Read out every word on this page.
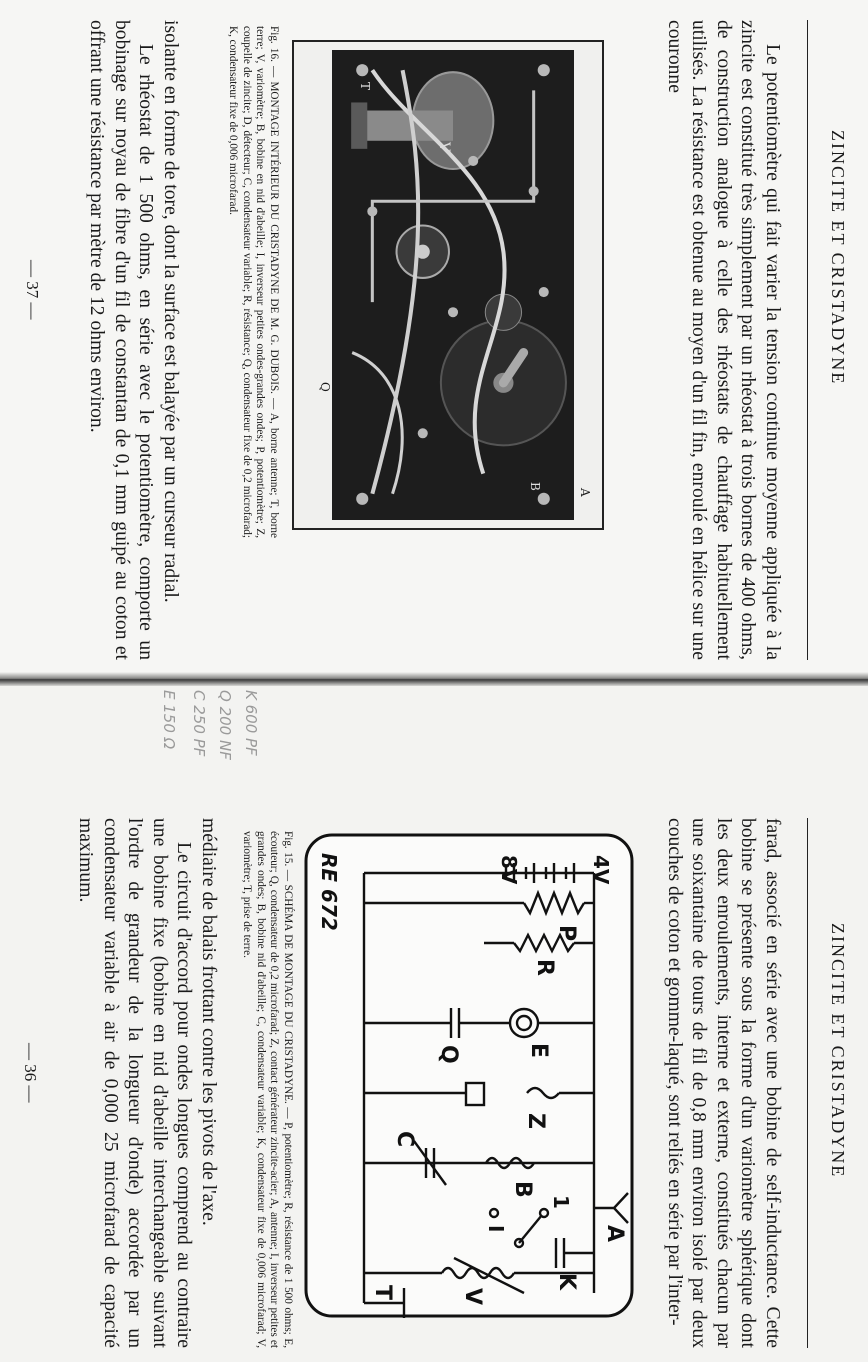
ZINCITE ET CRISTADYNE

Le potentiomètre qui fait varier la tension continue moyenne appliquée à la zincite est constitué très simplement par un rhéostat à trois bornes de 400 ohms, de construction analogue à celle des rhéostats de chauffage habituellement utilisés. La résistance est obtenue au moyen d'un fil fin, enroulé en hélice sur une couronne

A
B
V
T
Q
Fig. 16. — MONTAGE INTÉRIEUR DU CRISTADYNE DE M. G. DUBOIS. — A, borne antenne; T, borne terre; V, variomètre; B, bobine en nid d'abeille; I, inverseur petites ondes-grandes ondes; P, potentiomètre; Z, coupelle de zincite; D, détecteur; C, condensateur variable; R, résistance; Q, condensateur fixe de 0,2 microfarad; K, condensateur fixe de 0,006 microfarad.

isolante en forme de tore, dont la surface est balayée par un curseur radial.

Le rhéostat de 1 500 ohms, en série avec le potentiomètre, comporte un bobinage sur noyau de fibre d'un fil de constantan de 0,1 mm guipé au coton et offrant une résistance par mètre de 12 ohms environ.

— 37 —
ZINCITE ET CRISTADYNE

farad, associé en série avec une bobine de self-inductance. Cette bobine se présente sous la forme d'un variomètre sphérique dont les deux enroulements, interne et externe, constitués chacun par une soixantaine de tours de fil de 0,8 mm environ isolé par deux couches de coton et gomme-laqué, sont reliés en série par l'inter-

4V
8V
P
R
E
Q
Z
C
B
1
I	A
K
V
T
RE 672
Fig. 15. — SCHÉMA DE MONTAGE DU CRISTADYNE. — P, potentiomètre; R, résistance de 1 500 ohms; E, écouteur; Q, condensateur de 0,2 microfarad; Z, contact générateur zincite-acier; A, antenne; I, inverseur petites et grandes ondes; B, bobine nid d'abeille; C, condensateur variable; K, condensateur fixe de 0,006 microfarad; V, variomètre; T, prise de terre.

médiaire de balais frottant contre les pivots de l'axe.

Le circuit d'accord pour ondes longues comprend au contraire une bobine fixe (bobine en nid d'abeille interchangeable suivant l'ordre de grandeur de la longueur d'onde) accordée par un condensateur variable à air de 0,000 25 microfarad de capacité maximum.

— 36 —
K 600 PF
Q 200 NF
C 250 PF
E 150 Ω
